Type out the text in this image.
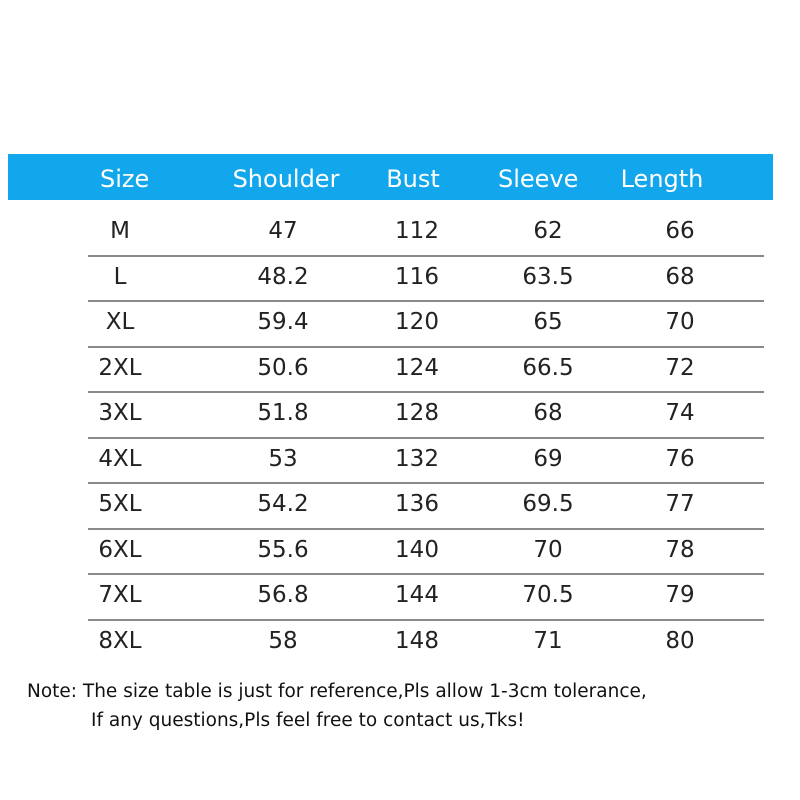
Size	Shoulder Bust Sleeve Length
M	47	112	62	66
L	48.2	116	63.5	68
XL	59.4	120	65	70
2XL	50.6	124	66.5	72
3XL	51.8	128	68	74
4XL	53	132	69	76
5XL	54.2	136	69.5	77
6XL	55.6	140	70	78
7XL	56.8	144	70.5	79
8XL	58	148	71	80
Note: The size table is just for reference,Pls allow 1-3cm tolerance,
If any questions,Pls feel free to contact us,Tks!
